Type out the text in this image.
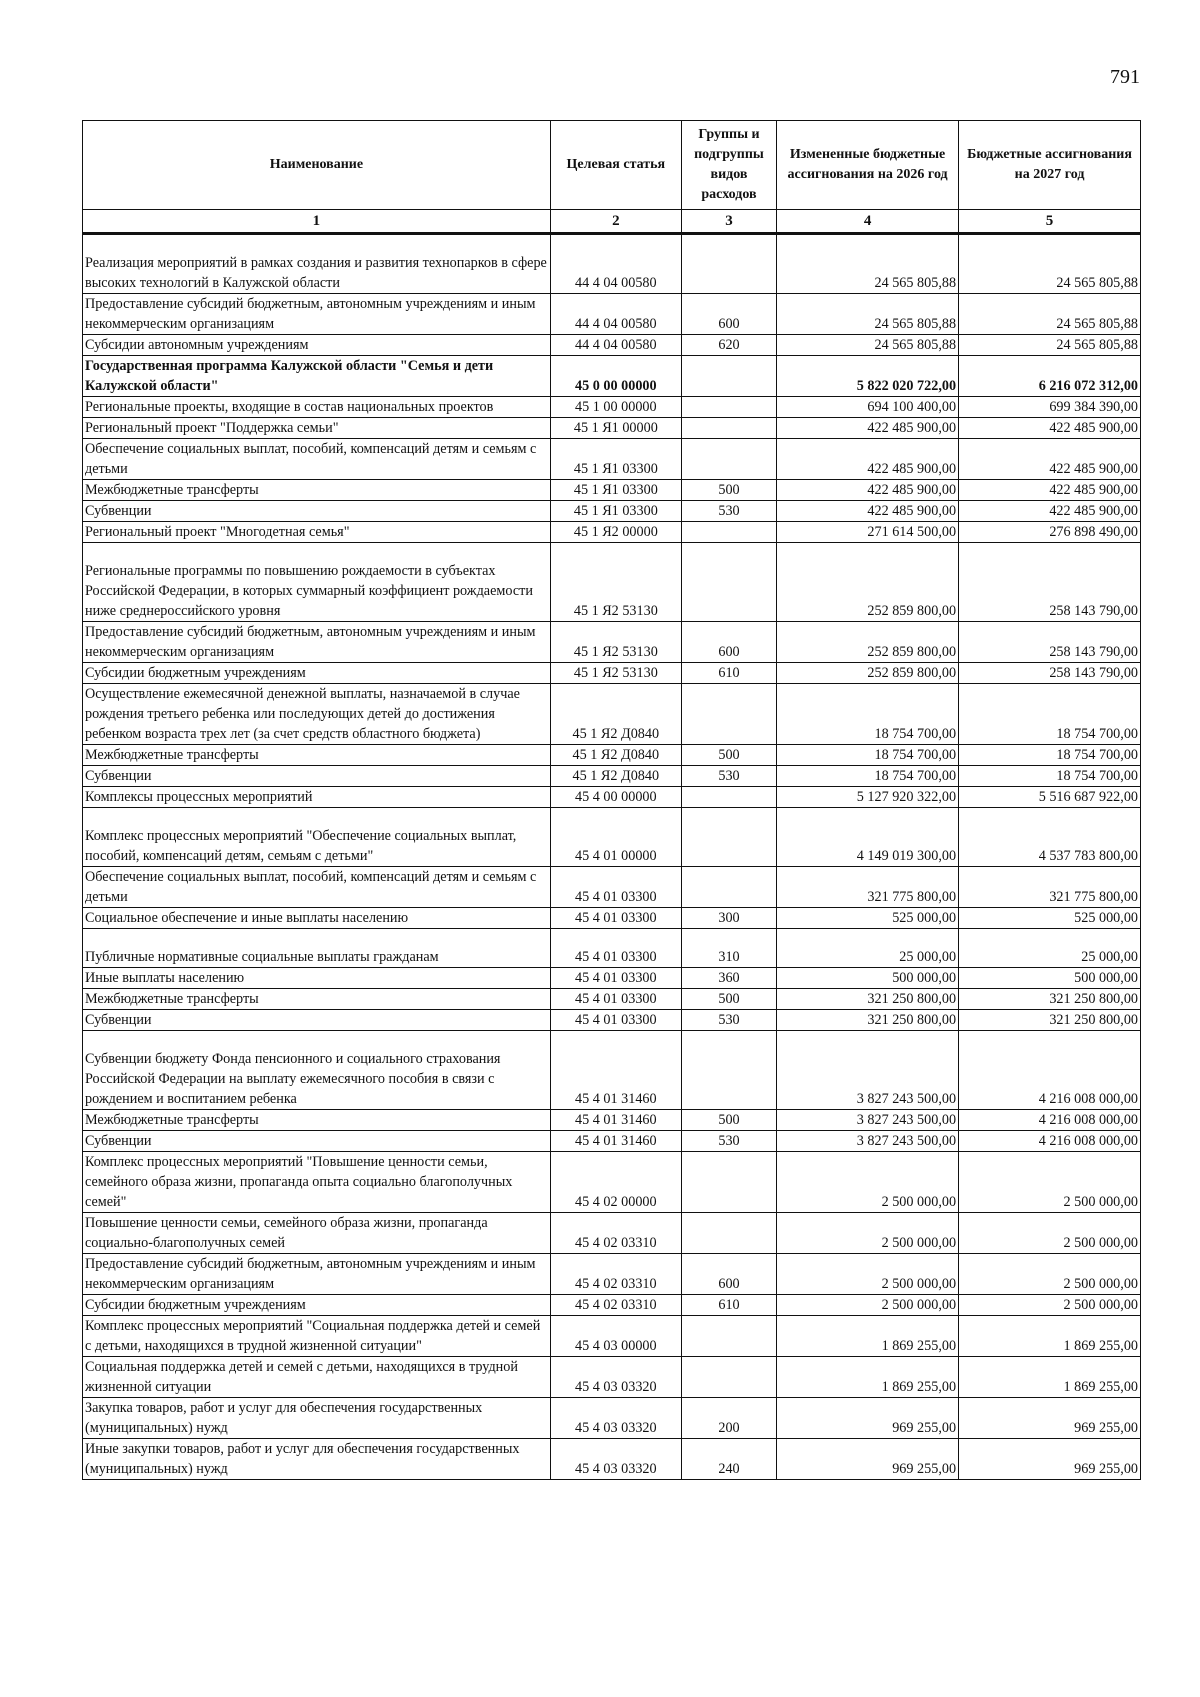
791
Наименование	Целевая статья	Группы и подгруппы видов расходов	Измененные бюджетные ассигнования на 2026 год	Бюджетные ассигнования на 2027 год
1	2	3	4	5
Реализация мероприятий в рамках создания и развития технопарков в сфере высоких технологий в Калужской области	44 4 04 00580		24 565 805,88	24 565 805,88
Предоставление субсидий бюджетным, автономным учреждениям и иным некоммерческим организациям	44 4 04 00580	600	24 565 805,88	24 565 805,88
Субсидии автономным учреждениям	44 4 04 00580	620	24 565 805,88	24 565 805,88
Государственная программа Калужской области "Семья и дети Калужской области"	45 0 00 00000		5 822 020 722,00	6 216 072 312,00
Региональные проекты, входящие в состав национальных проектов	45 1 00 00000		694 100 400,00	699 384 390,00
Региональный проект "Поддержка семьи"	45 1 Я1 00000		422 485 900,00	422 485 900,00
Обеспечение социальных выплат, пособий, компенсаций детям и семьям с детьми	45 1 Я1 03300		422 485 900,00	422 485 900,00
Межбюджетные трансферты	45 1 Я1 03300	500	422 485 900,00	422 485 900,00
Субвенции	45 1 Я1 03300	530	422 485 900,00	422 485 900,00
Региональный проект "Многодетная семья"	45 1 Я2 00000		271 614 500,00	276 898 490,00
Региональные программы по повышению рождаемости в субъектах Российской Федерации, в которых суммарный коэффициент рождаемости ниже среднероссийского уровня	45 1 Я2 53130		252 859 800,00	258 143 790,00
Предоставление субсидий бюджетным, автономным учреждениям и иным некоммерческим организациям	45 1 Я2 53130	600	252 859 800,00	258 143 790,00
Субсидии бюджетным учреждениям	45 1 Я2 53130	610	252 859 800,00	258 143 790,00
Осуществление ежемесячной денежной выплаты, назначаемой в случае рождения третьего ребенка или последующих детей до достижения ребенком возраста трех лет (за счет средств областного бюджета)	45 1 Я2 Д0840		18 754 700,00	18 754 700,00
Межбюджетные трансферты	45 1 Я2 Д0840	500	18 754 700,00	18 754 700,00
Субвенции	45 1 Я2 Д0840	530	18 754 700,00	18 754 700,00
Комплексы процессных мероприятий	45 4 00 00000		5 127 920 322,00	5 516 687 922,00
Комплекс процессных мероприятий "Обеспечение социальных выплат, пособий, компенсаций детям, семьям с детьми"	45 4 01 00000		4 149 019 300,00	4 537 783 800,00
Обеспечение социальных выплат, пособий, компенсаций детям и семьям с детьми	45 4 01 03300		321 775 800,00	321 775 800,00
Социальное обеспечение и иные выплаты населению	45 4 01 03300	300	525 000,00	525 000,00
Публичные нормативные социальные выплаты гражданам	45 4 01 03300	310	25 000,00	25 000,00
Иные выплаты населению	45 4 01 03300	360	500 000,00	500 000,00
Межбюджетные трансферты	45 4 01 03300	500	321 250 800,00	321 250 800,00
Субвенции	45 4 01 03300	530	321 250 800,00	321 250 800,00
Субвенции бюджету Фонда пенсионного и социального страхования Российской Федерации на выплату ежемесячного пособия в связи с рождением и воспитанием ребенка	45 4 01 31460		3 827 243 500,00	4 216 008 000,00
Межбюджетные трансферты	45 4 01 31460	500	3 827 243 500,00	4 216 008 000,00
Субвенции	45 4 01 31460	530	3 827 243 500,00	4 216 008 000,00
Комплекс процессных мероприятий "Повышение ценности семьи, семейного образа жизни, пропаганда опыта социально благополучных семей"	45 4 02 00000		2 500 000,00	2 500 000,00
Повышение ценности семьи, семейного образа жизни, пропаганда социально-благополучных семей	45 4 02 03310		2 500 000,00	2 500 000,00
Предоставление субсидий бюджетным, автономным учреждениям и иным некоммерческим организациям	45 4 02 03310	600	2 500 000,00	2 500 000,00
Субсидии бюджетным учреждениям	45 4 02 03310	610	2 500 000,00	2 500 000,00
Комплекс процессных мероприятий "Социальная поддержка детей и семей с детьми, находящихся в трудной жизненной ситуации"	45 4 03 00000		1 869 255,00	1 869 255,00
Социальная поддержка детей и семей с детьми, находящихся в трудной жизненной ситуации	45 4 03 03320		1 869 255,00	1 869 255,00
Закупка товаров, работ и услуг для обеспечения государственных (муниципальных) нужд	45 4 03 03320	200	969 255,00	969 255,00
Иные закупки товаров, работ и услуг для обеспечения государственных (муниципальных) нужд	45 4 03 03320	240	969 255,00	969 255,00
